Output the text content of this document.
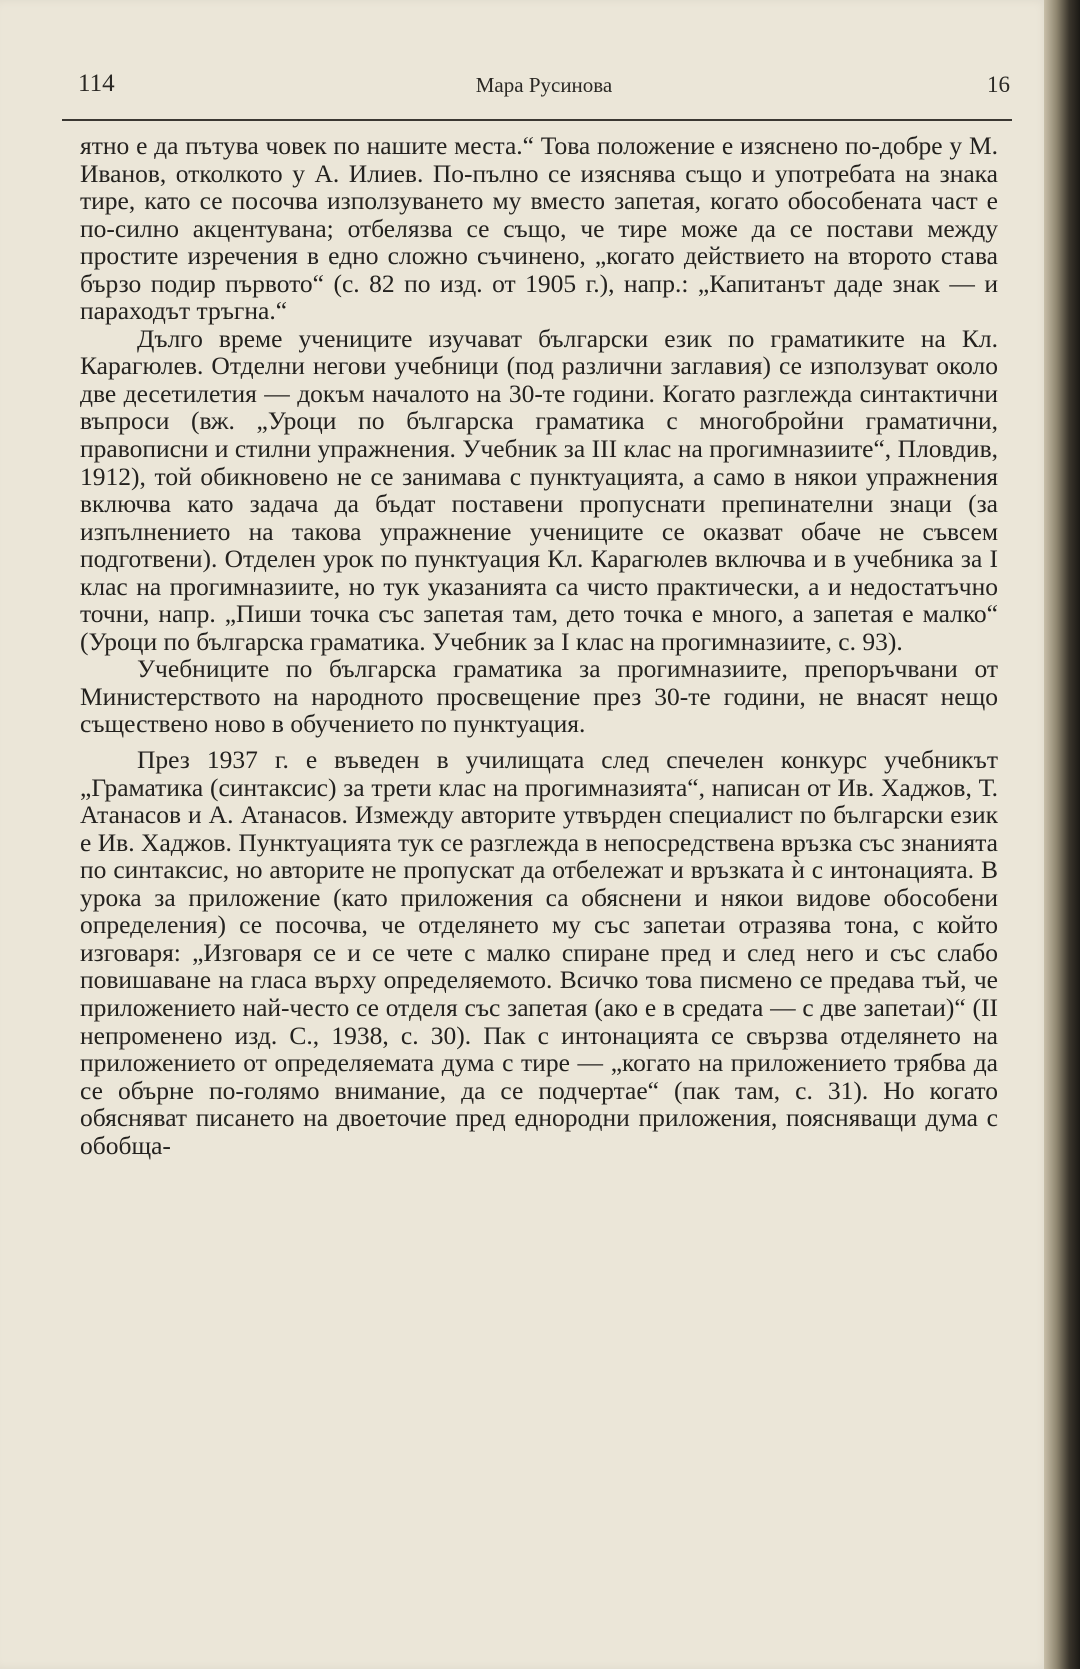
114	Мара Русинова	16

ятно е да пътува човек по нашите места.“ Това положение е изяснено по-добре у М. Иванов, отколкото у А. Илиев. По-пълно се изяснява също и употребата на знака тире, като се посочва използуването му вместо запетая, когато обособената част е по-силно акцентувана; отбелязва се също, че тире може да се постави между простите изречения в едно сложно съчинено, „когато действието на второто става бързо подир първото“ (с. 82 по изд. от 1905 г.), напр.: „Капитанът даде знак — и параходът тръгна.“

Дълго време учениците изучават български език по граматиките на Кл. Карагюлев. Отделни негови учебници (под различни заглавия) се използуват около две десетилетия — докъм началото на 30-те години. Когато разглежда синтактични въпроси (вж. „Уроци по българска граматика с многобройни граматични, правописни и стилни упражнения. Учебник за III клас на прогимназиите“, Пловдив, 1912), той обикновено не се занимава с пунктуацията, а само в някои упражнения включва като задача да бъдат поставени пропуснати препинателни знаци (за изпълнението на такова упражнение учениците се оказват обаче не съвсем подготвени). Отделен урок по пунктуация Кл. Карагюлев включва и в учебника за I клас на прогимназиите, но тук указанията са чисто практически, а и недостатъчно точни, напр. „Пиши точка със запетая там, дето точка е много, а запетая е малко“ (Уроци по българска граматика. Учебник за I клас на прогимназиите, с. 93).

Учебниците по българска граматика за прогимназиите, препоръчвани от Министерството на народното просвещение през 30-те години, не внасят нещо съществено ново в обучението по пунктуация.

През 1937 г. е въведен в училищата след спечелен конкурс учебникът „Граматика (синтаксис) за трети клас на прогимназията“, написан от Ив. Хаджов, Т. Атанасов и А. Атанасов. Измежду авторите утвърден специалист по български език е Ив. Хаджов. Пунктуацията тук се разглежда в непосредствена връзка със знанията по синтаксис, но авторите не пропускат да отбележат и връзката ѝ с интонацията. В урока за приложение (като приложения са обяснени и някои видове обособени определения) се посочва, че отделянето му със запетаи отразява тона, с който изговаря: „Изговаря се и се чете с малко спиране пред и след него и със слабо повишаване на гласа върху определяемото. Всичко това писмено се предава тъй, че приложението най-често се отделя със запетая (ако е в средата — с две запетаи)“ (II непроменено изд. С., 1938, с. 30). Пак с интонацията се свързва отделянето на приложението от определяемата дума с тире — „когато на приложението трябва да се обърне по-голямо внимание, да се подчертае“ (пак там, с. 31). Но когато обясняват писането на двоеточие пред еднородни приложения, поясняващи дума с обобща-
